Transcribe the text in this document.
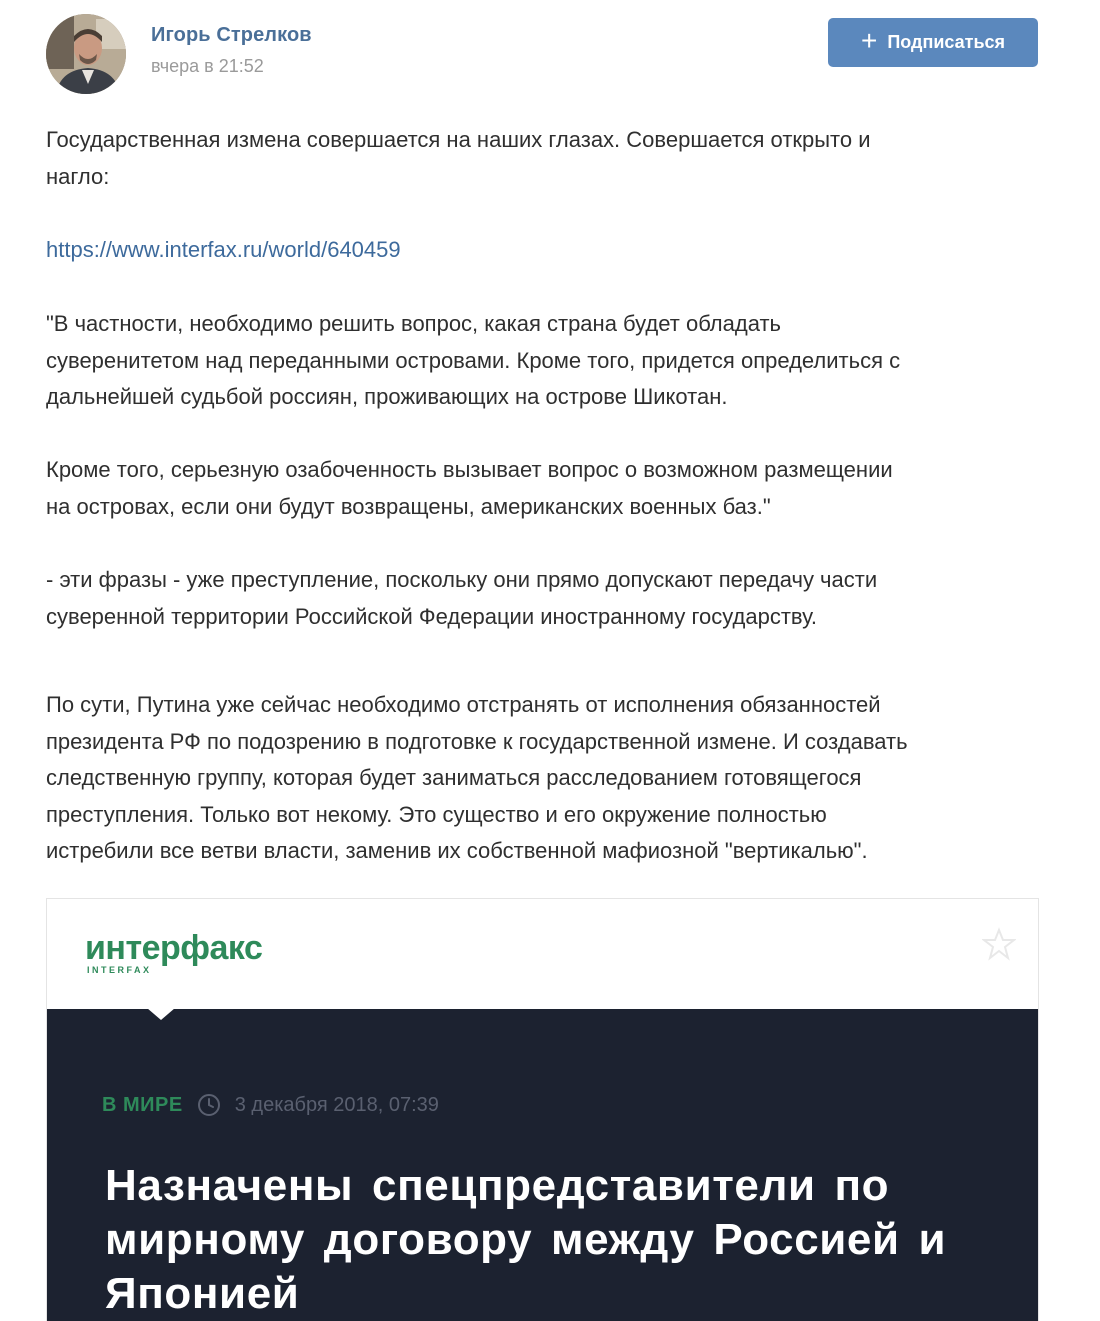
Игорь Стрелков
вчера в 21:52
+ Подписаться
Государственная измена совершается на наших глазах. Совершается открыто и
нагло:
https://www.interfax.ru/world/640459
"В частности, необходимо решить вопрос, какая страна будет обладать
суверенитетом над переданными островами. Кроме того, придется определиться с
дальнейшей судьбой россиян, проживающих на острове Шикотан.
Кроме того, серьезную озабоченность вызывает вопрос о возможном размещении
на островах, если они будут возвращены, американских военных баз."
- эти фразы - уже преступление, поскольку они прямо допускают передачу части
суверенной территории Российской Федерации иностранному государству.
По сути, Путина уже сейчас необходимо отстранять от исполнения обязанностей
президента РФ по подозрению в подготовке к государственной измене. И создавать
следственную группу, которая будет заниматься расследованием готовящегося
преступления. Только вот некому. Это существо и его окружение полностью
истребили все ветви власти, заменив их собственной мафиозной "вертикалью".
интерфакс
INTERFAX
В МИРЕ	3 декабря 2018, 07:39
Назначены спецпредставители по
мирному договору между Россией и
Японией
